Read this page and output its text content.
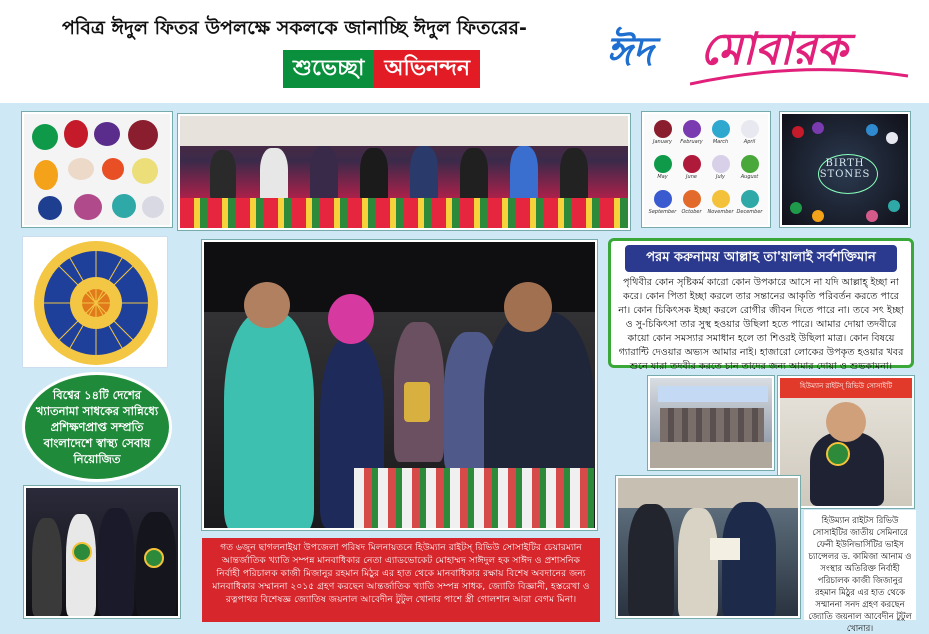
পবিত্র ঈদুল ফিতর উপলক্ষে সকলকে জানাচ্ছি ঈদুল ফিতরের-
শুভেচ্ছা অভিনন্দন	ঈদ মোবারক
January	February	March	April
May	June	July	August
September	October	November December
BIRTH
STONES
পরম করুনাময় আল্লাহ তা'য়ালাই সর্বশক্তিমান
পৃথিবীর কোন সৃষ্টিকর্ম কারো কোন উপকারে আসে না যদি আল্লাহ্‌ ইচ্ছা না করে। কোন পিতা ইচ্ছা করলে তার সন্তানের আকৃতি পরিবর্তন করতে পারে না। কোন চিকিৎসক ইচ্ছা করলে রোগীর জীবন দিতে পারে না। তবে সৎ ইচ্ছা ও সু-চিকিৎসা তার সুস্থ হওয়ার উছিলা হতে পারে। আমার দোয়া তদবীরে কায়ো কোন সমস্যার সমাধান হলে তা শিওরই উছিলা মাত্র। কোন বিষয়ে গ্যারান্টি দেওয়ার অভ্যস আমার নাই। হাজারো লোকের উপকৃত হওয়ার খবর শুনে যারা তদবীর করতে চান তাদের জন্য আমার দোয়া ও শুভকামনা।
বিশ্বের ১৪টি দেশের খ্যাতনামা সাধকের সান্নিধ্যে প্রশিক্ষণপ্রাপ্ত সম্প্রতি বাংলাদেশে স্বাস্থ্য সেবায় নিয়োজিত
গত ৬জুন ছাগলনাইয়া উপজেলা পরিষদ মিলনায়তনে হিউম্যান রাইটস্‌ রিভিউ সোসাইটির চেয়ারম্যান আন্তর্জাতিক খ্যাতি সম্পন্ন মানবাধিকার নেতা এ্যাডভোকেট মোহাম্মদ সাঈদুল হক সাঈদ ও প্রশাসনিক নির্বাহী পরিচালক কাজী মিজানুর রহমান মিঠুর এর হাত থেকে মানবাধিকার রক্ষায় বিশেষ অবদানের জন্য মানবাধিকার সম্মাননা ২০১৫ গ্রহণ করছেন আন্তর্জাতিক খ্যাতি সম্পন্ন সাধক, জ্যোতি বিজ্ঞানী, হস্তরেখা ও রত্নপাথর বিশেষজ্ঞ জ্যোতিষ জয়নাল আবেদীন টুটুল খোনার পাশে স্ত্রী গোলশান আরা বেগম মিনা।
হিউম্যান রাইটস্‌ রিভিউ সোসাইটি
হিউম্যান রাইটস রিভিউ সোসাইটির জাতীয় সেমিনারে ফেনী ইউনিভার্সিটির ভাইস চ্যান্সেলর ড. কামিজা আনাম ও সংস্থার অতিরিক্ত নির্বাহী পরিচালক কাজী জিজানুর রহমান মিঠুর এর হাত থেকে সম্মাননা সনদ গ্রহণ করছেন জ্যোতি জয়নাল আবেদীন টুটুল খোনার।
